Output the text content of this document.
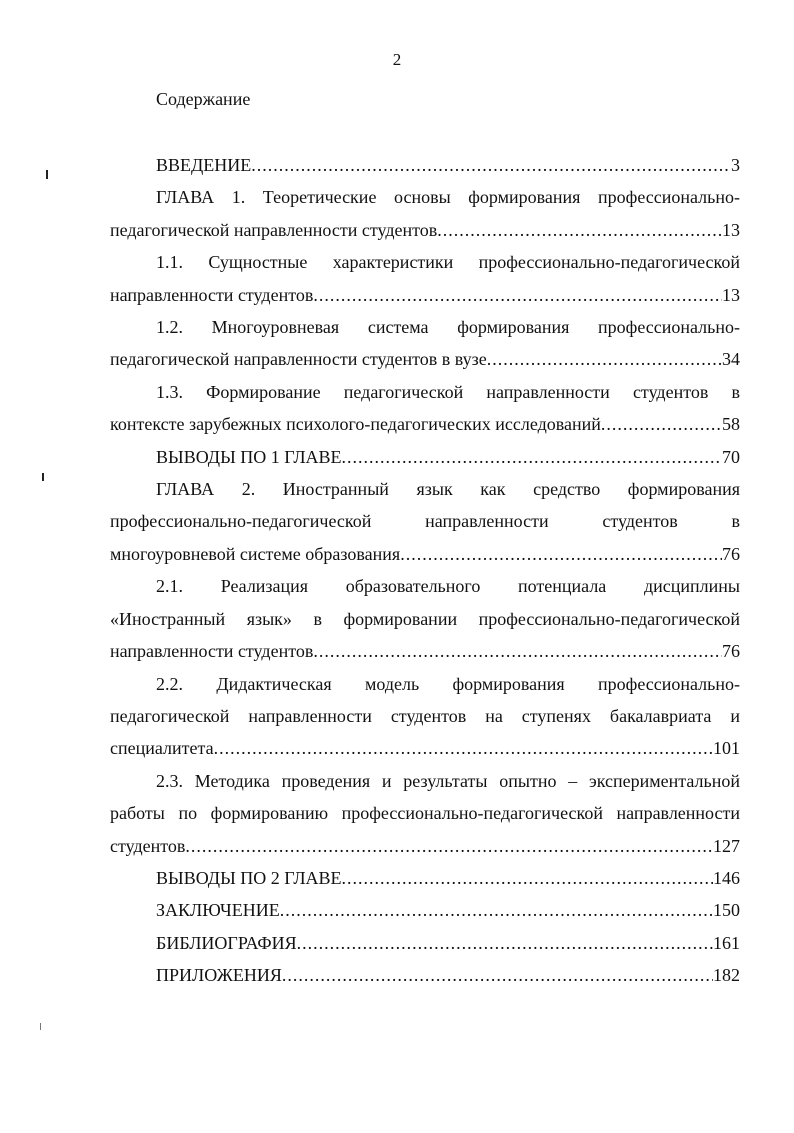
2
Содержание
ВВЕДЕНИЕ .....	3
ГЛАВА 1. Теоретические основы формирования профессионально-
педагогической направленности студентов .....	13
1.1. Сущностные характеристики профессионально-педагогической
направленности студентов .....	13
1.2. Многоуровневая система формирования профессионально-
педагогической направленности студентов в вузе .....	34
1.3. Формирование педагогической направленности студентов в
контексте зарубежных психолого-педагогических исследований .....	58
ВЫВОДЫ ПО 1 ГЛАВЕ .....	70
ГЛАВА 2. Иностранный язык как средство формирования
профессионально-педагогической направленности студентов в
многоуровневой системе образования .....	76
2.1. Реализация образовательного потенциала дисциплины
«Иностранный язык» в формировании профессионально-педагогической
направленности студентов .....	76
2.2. Дидактическая модель формирования профессионально-
педагогической направленности студентов на ступенях бакалавриата и
специалитета .....	101
2.3. Методика проведения и результаты опытно – экспериментальной
работы по формированию профессионально-педагогической направленности
студентов .....	127
ВЫВОДЫ ПО 2 ГЛАВЕ .....	146
ЗАКЛЮЧЕНИЕ .....	150
БИБЛИОГРАФИЯ .....	161
ПРИЛОЖЕНИЯ .....	182
